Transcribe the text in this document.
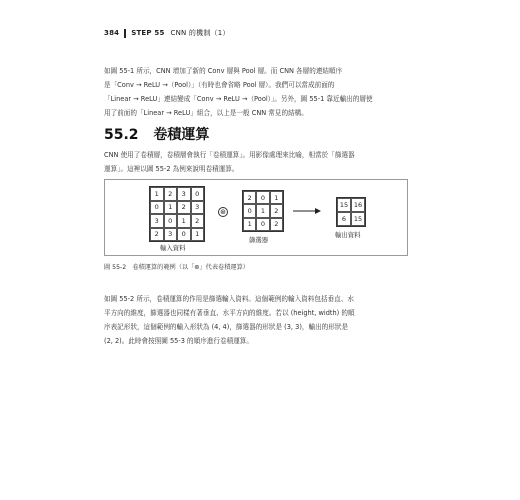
384 STEP 55 CNN 的機制（1）
如圖 55-1 所示，CNN 增加了新的 Conv 層與 Pool 層。而 CNN 各層的連結順序
是「Conv → ReLU →（Pool）」（有時也會省略 Pool 層）。我們可以當成前面的
「Linear → ReLU」連結變成「Conv → ReLU →（Pool）」。另外，圖 55-1 靠近輸出的層使
用了前面的「Linear → ReLU」組合，以上是一般 CNN 常見的結構。
55.2 卷積運算
CNN 使用了卷積層，卷積層會執行「卷積運算」。用影像處理來比喻，相當於「篩選器
運算」。這裡以圖 55-2 為例來說明卷積運算。
1	2	3	0
0	1	2	3
3	0	1	2
2	3	0	1
輸入資料
⊛
2	0	1
0	1	2
1	0	2
篩選器
15 16
6	15
輸出資料
圖 55-2　卷積運算的範例（以「⊛」代表卷積運算）
如圖 55-2 所示，卷積運算的作用是篩選輸入資料。這個範例的輸入資料包括垂直、水
平方向的維度，篩選器也同樣有著垂直、水平方向的維度。若以 (height, width) 的順
序表記形狀，這個範例的輸入形狀為 (4, 4)，篩選器的形狀是 (3, 3)，輸出的形狀是
(2, 2)。此時會按照圖 55-3 的順序進行卷積運算。
